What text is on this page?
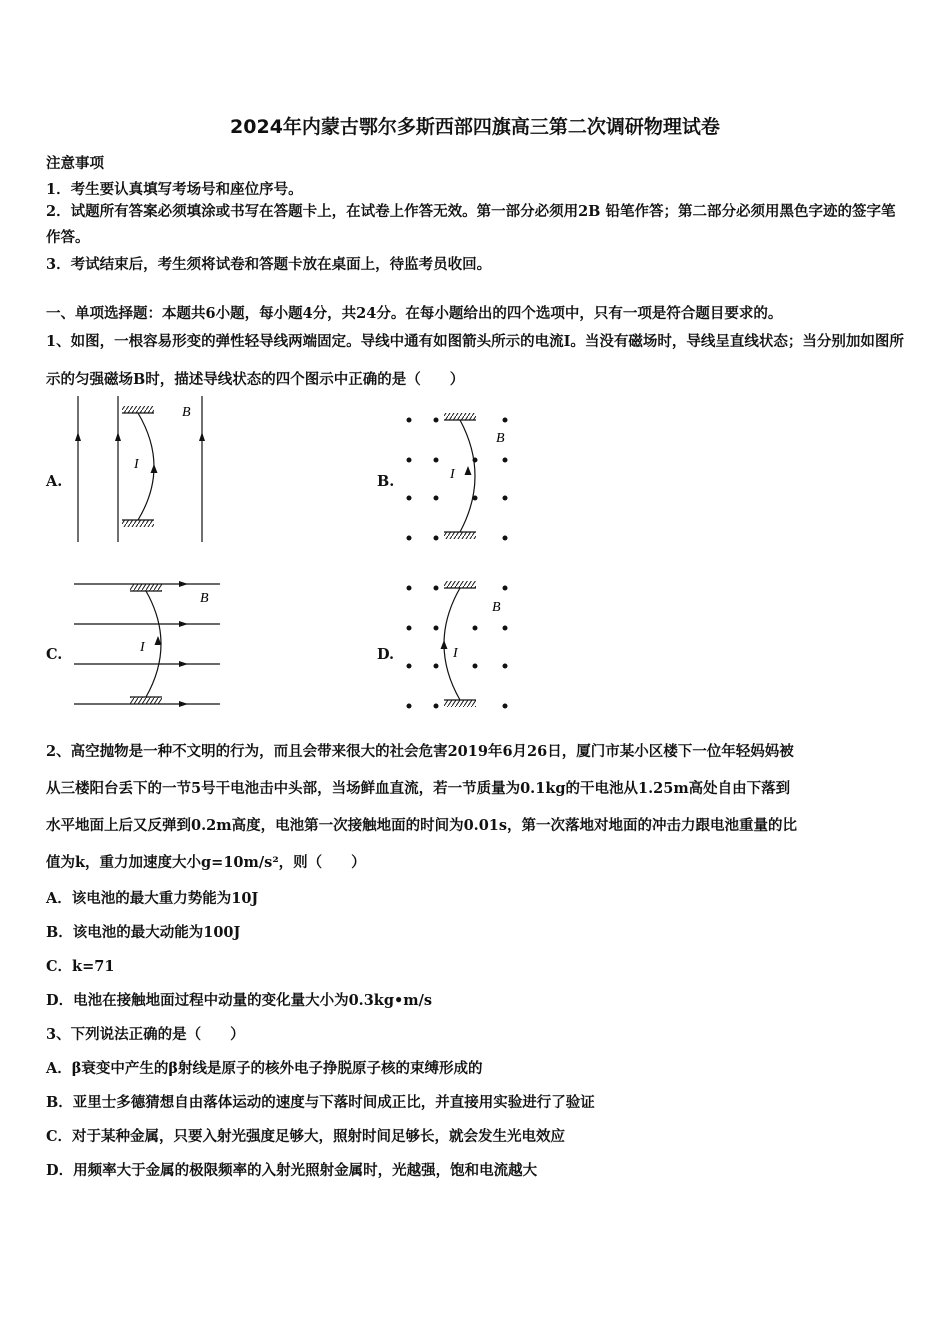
2024年内蒙古鄂尔多斯西部四旗高三第二次调研物理试卷
注意事项
1．考生要认真填写考场号和座位序号。
2．试题所有答案必须填涂或书写在答题卡上，在试卷上作答无效。第一部分必须用2B 铅笔作答；第二部分必须用黑色字迹的签字笔作答。
3．考试结束后，考生须将试卷和答题卡放在桌面上，待监考员收回。
一、单项选择题：本题共6小题，每小题4分，共24分。在每小题给出的四个选项中，只有一项是符合题目要求的。
1、如图，一根容易形变的弹性轻导线两端固定。导线中通有如图箭头所示的电流I。当没有磁场时，导线呈直线状态；当分别加如图所示的匀强磁场B时，描述导线状态的四个图示中正确的是（　　）
A.	B.
C.	D.
I
B
I
B
I
B
I
B
2、高空抛物是一种不文明的行为，而且会带来很大的社会危害2019年6月26日，厦门市某小区楼下一位年轻妈妈被
从三楼阳台丢下的一节5号干电池击中头部，当场鲜血直流，若一节质量为0.1kg的干电池从1.25m高处自由下落到
水平地面上后又反弹到0.2m高度，电池第一次接触地面的时间为0.01s，第一次落地对地面的冲击力跟电池重量的比
值为k，重力加速度大小g=10m/s²，则（　　）
A．该电池的最大重力势能为10J
B．该电池的最大动能为100J
C．k=71
D．电池在接触地面过程中动量的变化量大小为0.3kg•m/s
3、下列说法正确的是（　　）
A．β衰变中产生的β射线是原子的核外电子挣脱原子核的束缚形成的
B．亚里士多德猜想自由落体运动的速度与下落时间成正比，并直接用实验进行了验证
C．对于某种金属，只要入射光强度足够大，照射时间足够长，就会发生光电效应
D．用频率大于金属的极限频率的入射光照射金属时，光越强，饱和电流越大
